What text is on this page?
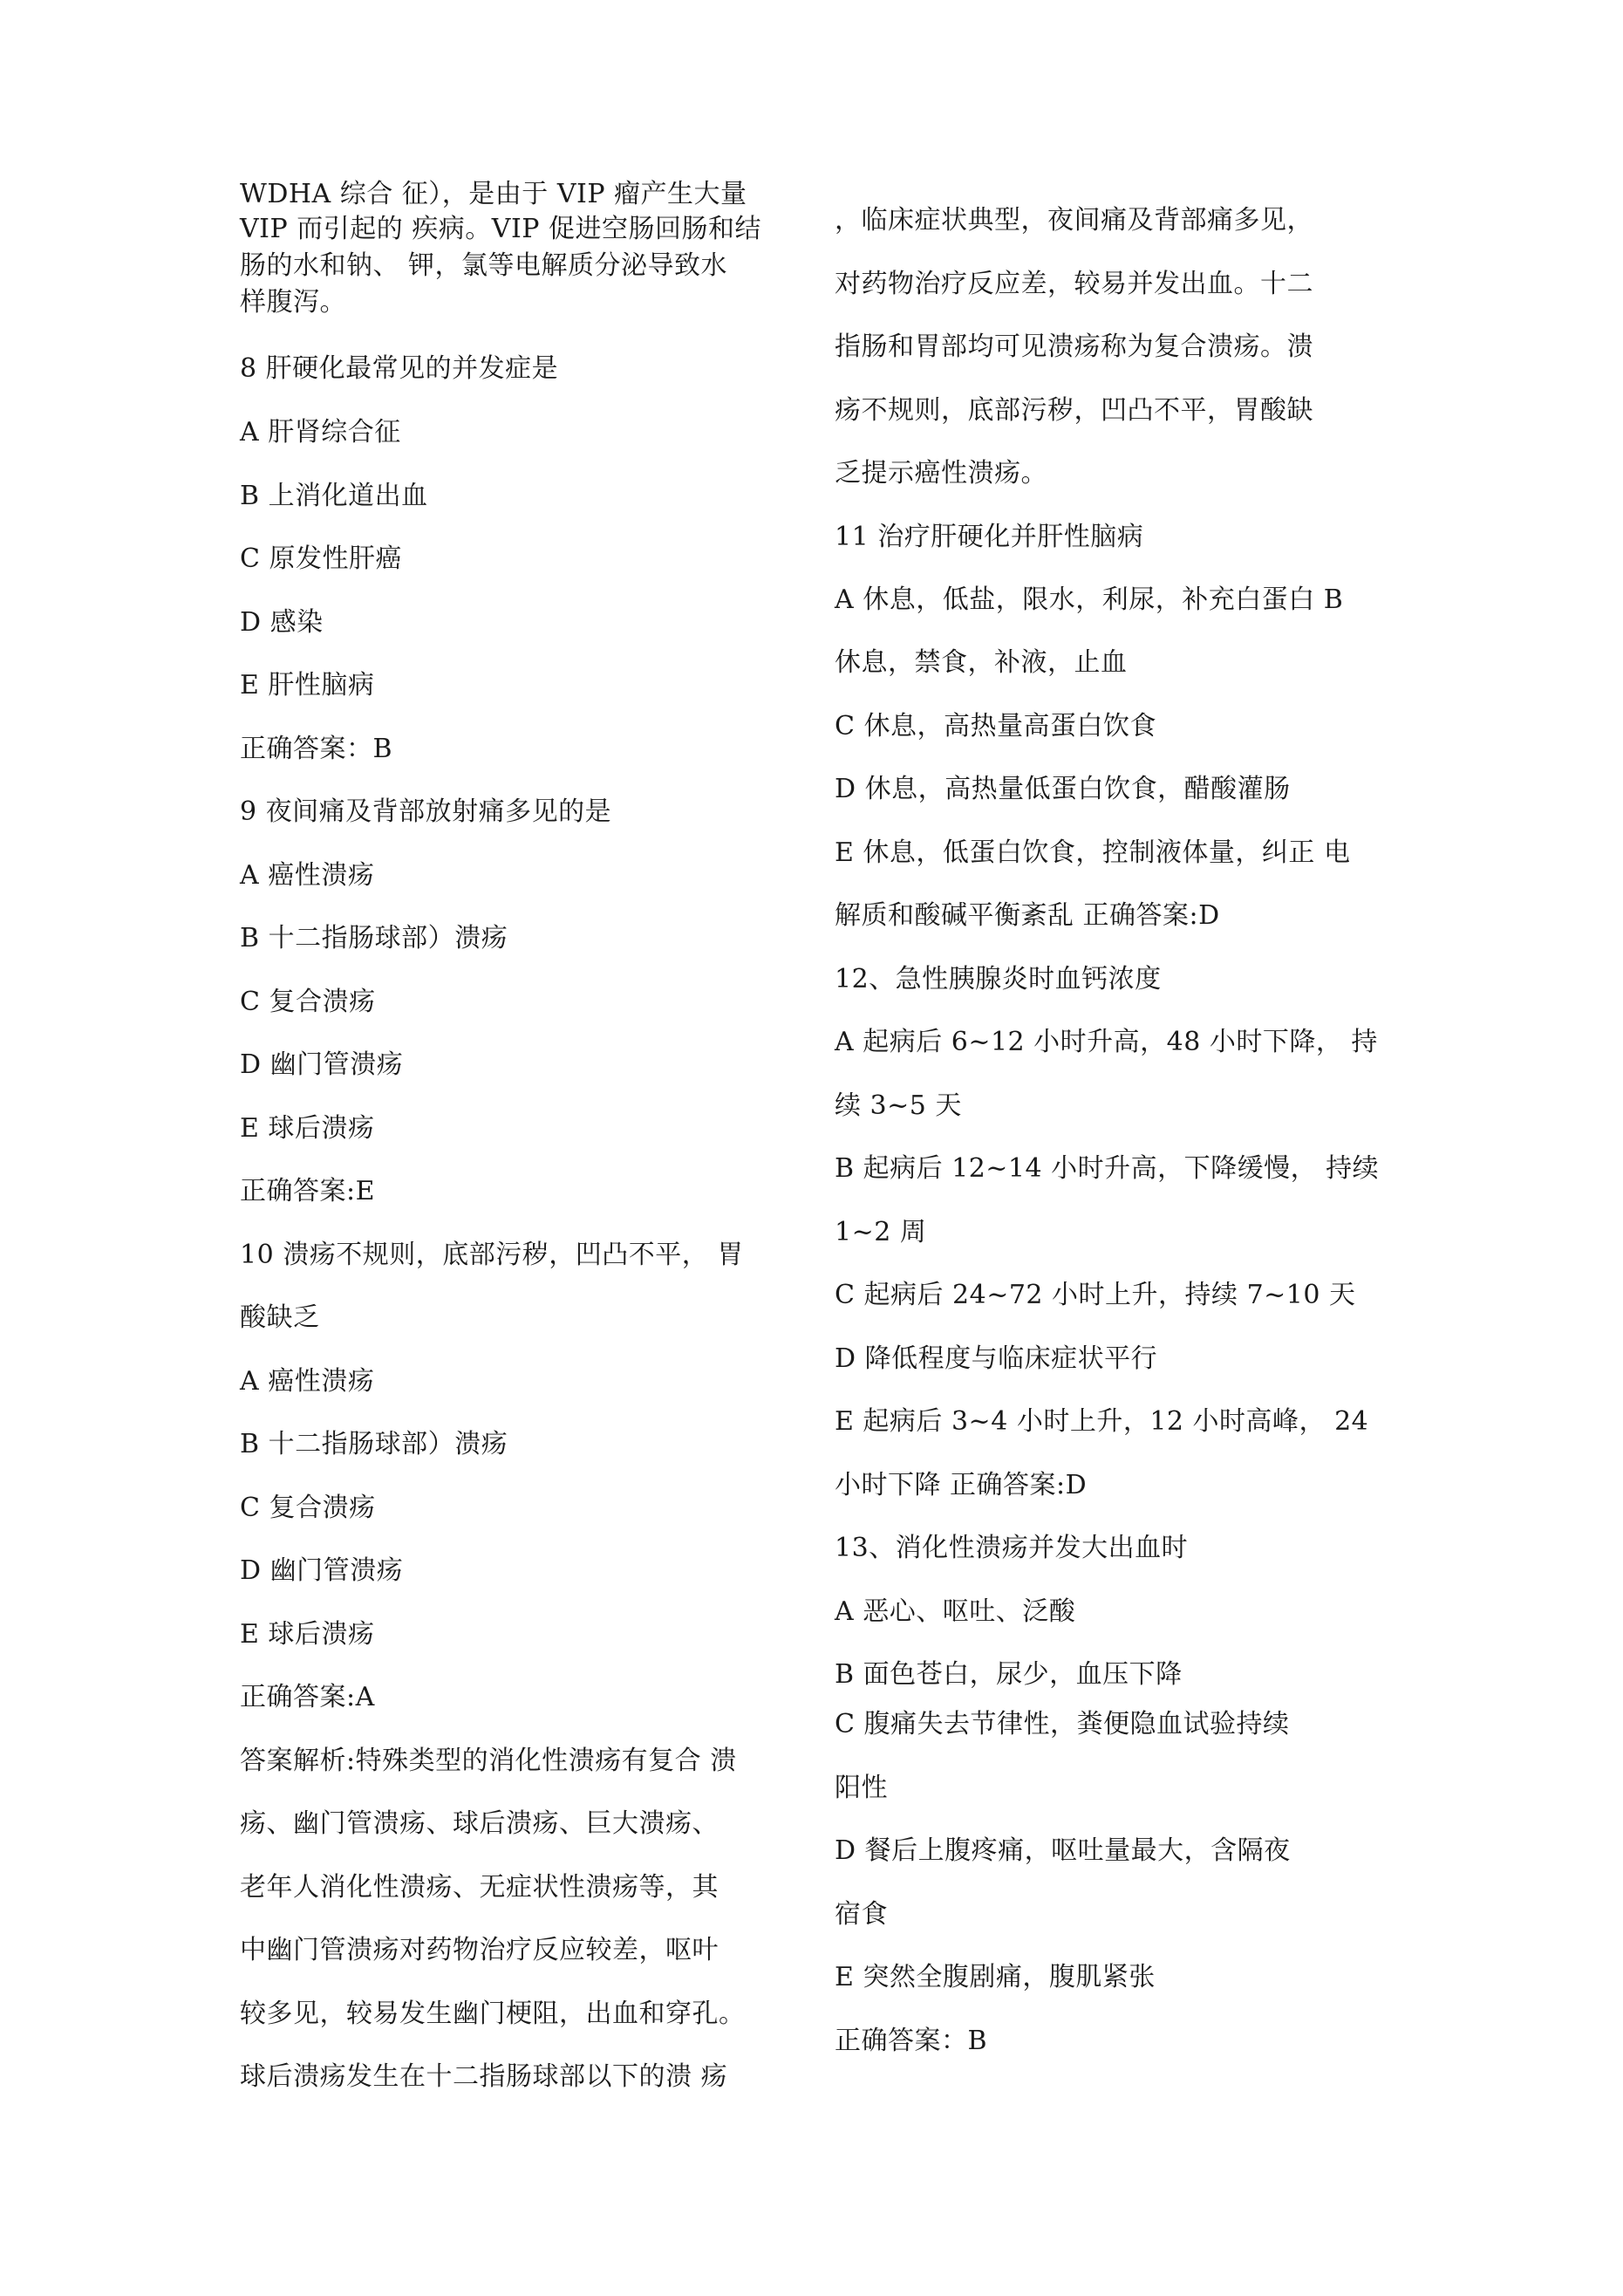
WDHA 综合 征），是由于 VIP 瘤产生大量
VIP 而引起的 疾病。VIP 促进空肠回肠和结
肠的水和钠、 钾，氯等电解质分泌导致水
样腹泻。
8 肝硬化最常见的并发症是
A 肝肾综合征
B 上消化道出血
C 原发性肝癌
D 感染
E 肝性脑病
正确答案：B
9 夜间痛及背部放射痛多见的是
A 癌性溃疡
B 十二指肠球部）溃疡
C 复合溃疡
D 幽门管溃疡
E 球后溃疡
正确答案:E
10 溃疡不规则，底部污秽，凹凸不平， 胃
酸缺乏
A 癌性溃疡
B 十二指肠球部）溃疡
C 复合溃疡
D 幽门管溃疡
E 球后溃疡
正确答案:A
答案解析:特殊类型的消化性溃疡有复合 溃
疡、幽门管溃疡、球后溃疡、巨大溃疡、
老年人消化性溃疡、无症状性溃疡等，其
中幽门管溃疡对药物治疗反应较差，呕叶
较多见，较易发生幽门梗阻，出血和穿孔。
球后溃疡发生在十二指肠球部以下的溃 疡
，临床症状典型，夜间痛及背部痛多见，
对药物治疗反应差，较易并发出血。十二
指肠和胃部均可见溃疡称为复合溃疡。溃
疡不规则，底部污秽，凹凸不平，胃酸缺
乏提示癌性溃疡。
11 治疗肝硬化并肝性脑病
A 休息，低盐，限水，利尿，补充白蛋白 B
休息，禁食，补液，止血
C 休息，高热量高蛋白饮食
D 休息，高热量低蛋白饮食，醋酸灌肠
E 休息，低蛋白饮食，控制液体量，纠正 电
解质和酸碱平衡紊乱 正确答案:D
12、急性胰腺炎时血钙浓度
A 起病后 6~12 小时升高，48 小时下降， 持
续 3~5 天
B 起病后 12~14 小时升高，下降缓慢， 持续
1~2 周
C 起病后 24~72 小时上升，持续 7~10 天
D 降低程度与临床症状平行
E 起病后 3~4 小时上升，12 小时高峰， 24
小时下降 正确答案:D
13、消化性溃疡并发大出血时
A 恶心、呕吐、泛酸
B 面色苍白，尿少，血压下降
C 腹痛失去节律性，粪便隐血试验持续
阳性
D 餐后上腹疼痛，呕吐量最大，含隔夜
宿食
E 突然全腹剧痛，腹肌紧张
正确答案：B
